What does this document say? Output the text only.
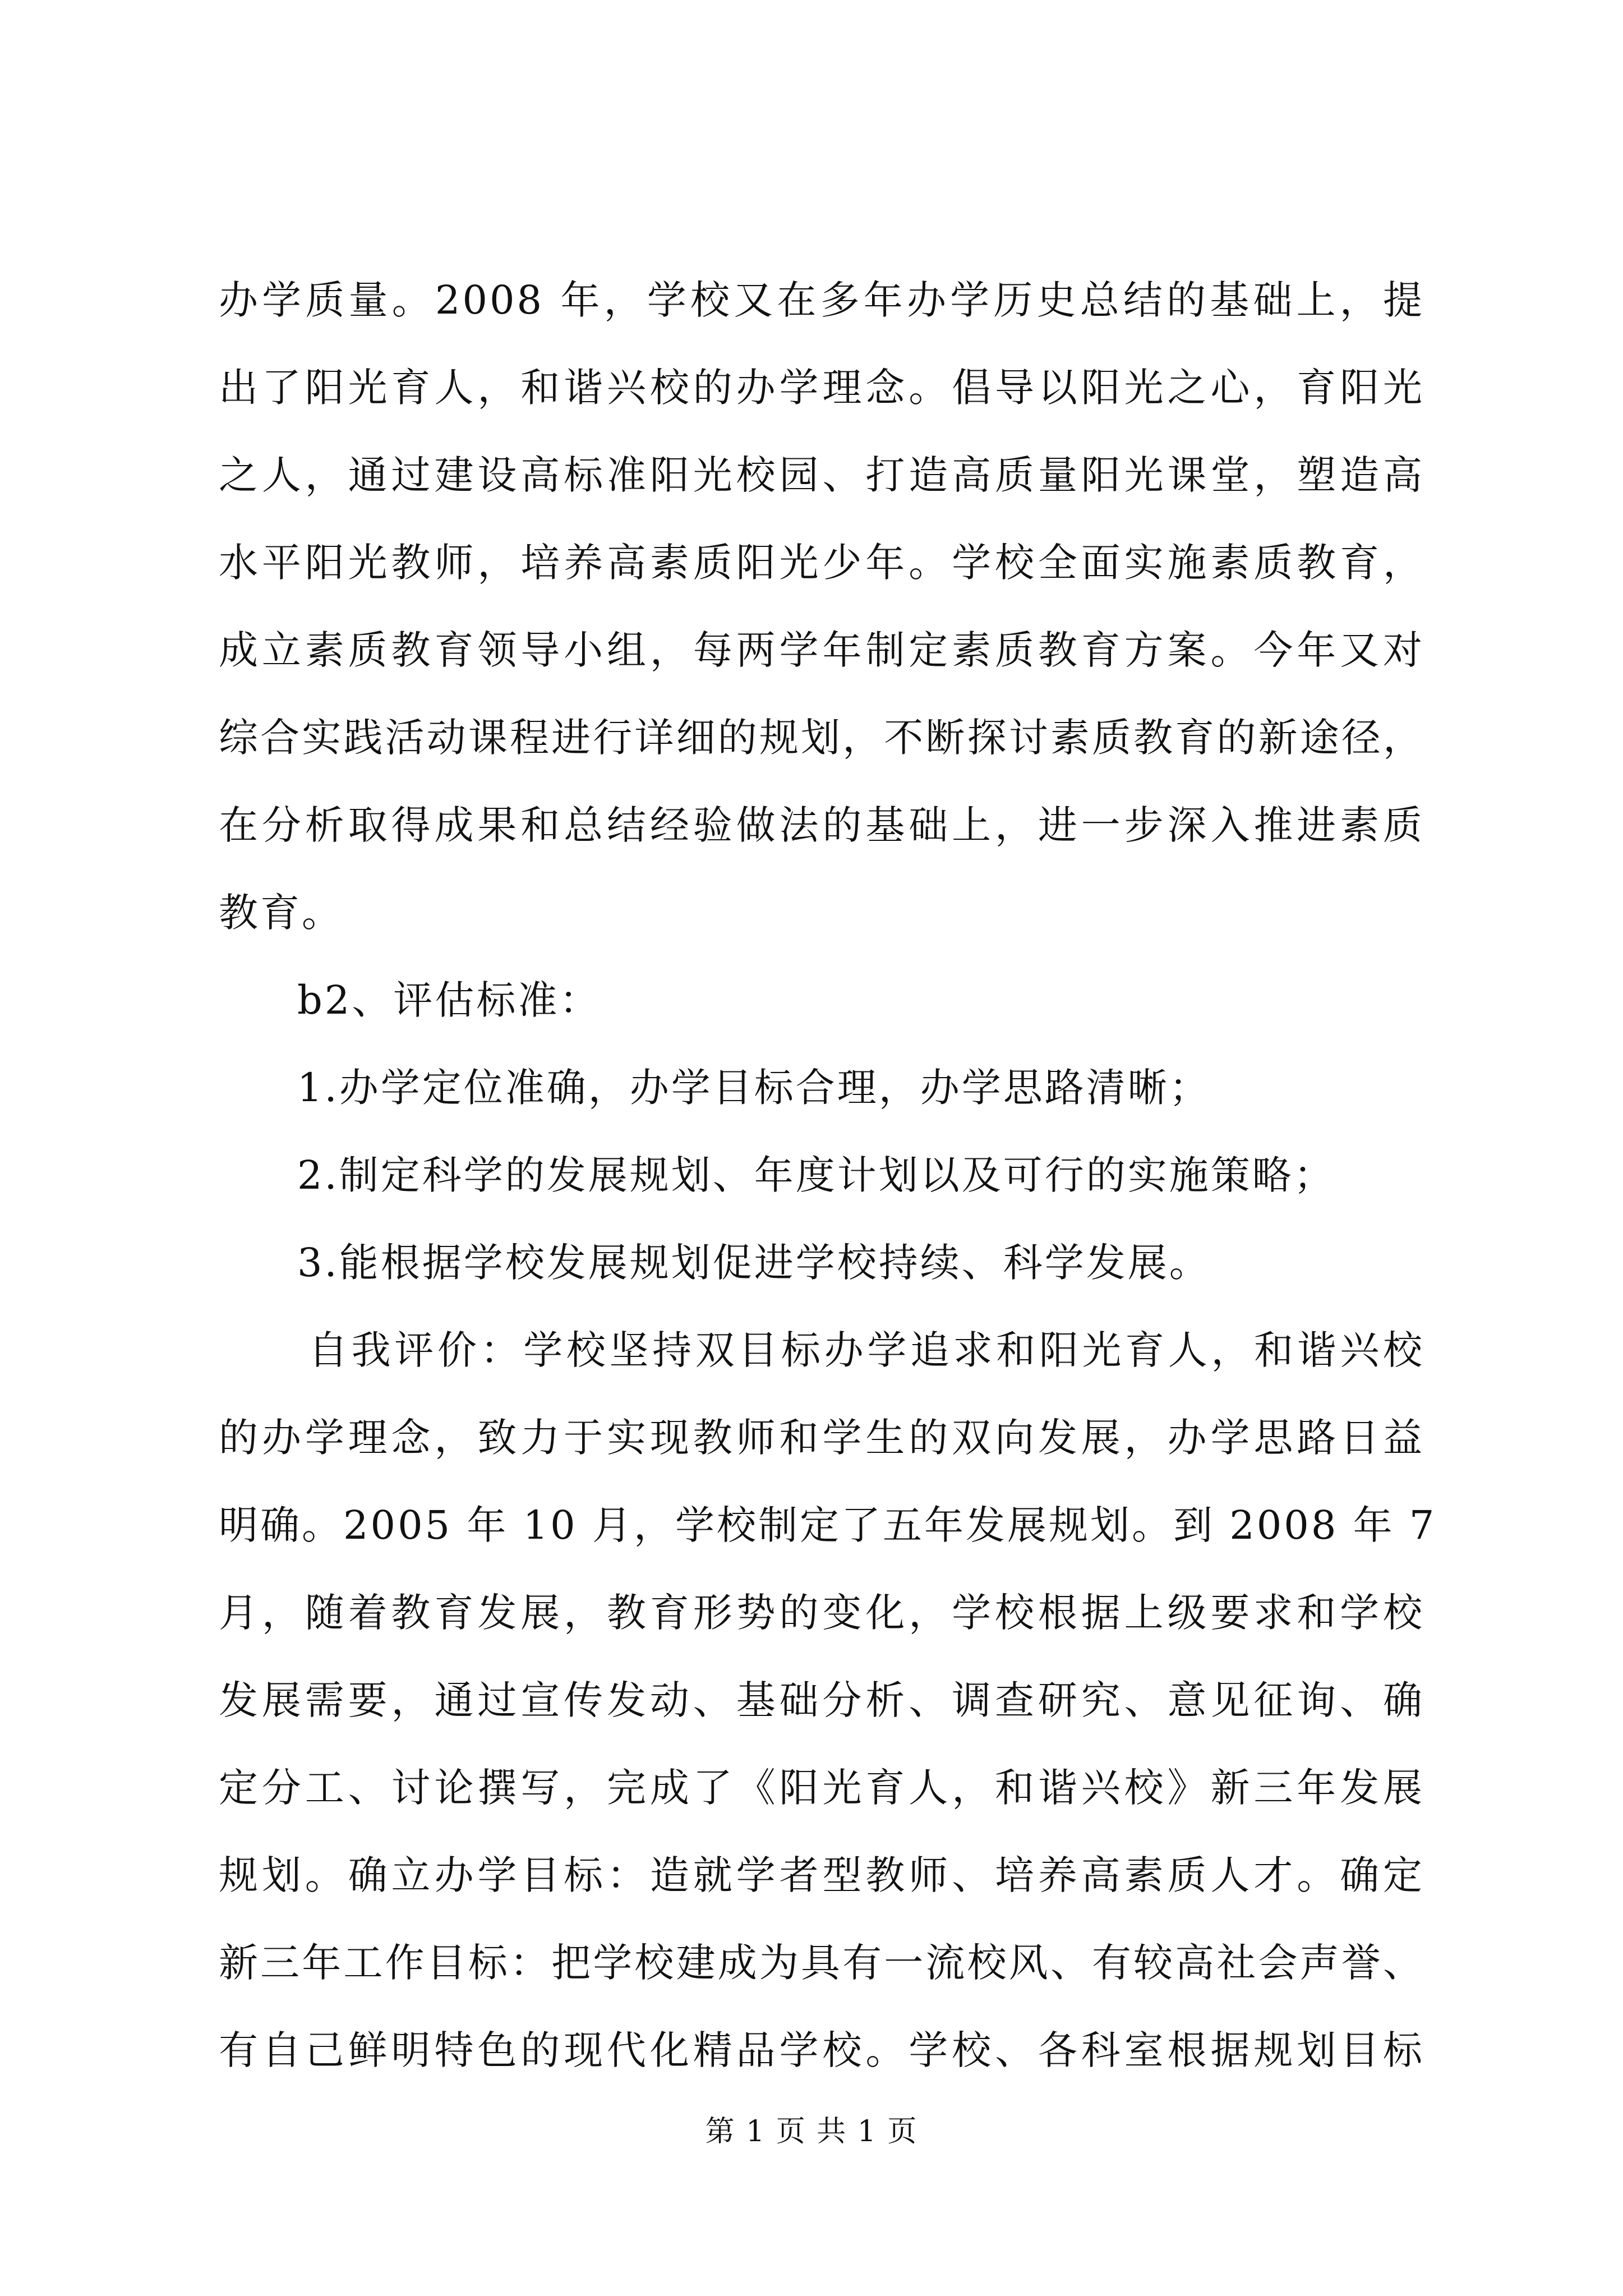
办学质量。2008 年，学校又在多年办学历史总结的基础上，提
出了阳光育人，和谐兴校的办学理念。倡导以阳光之心，育阳光
之人，通过建设高标准阳光校园、打造高质量阳光课堂，塑造高
水平阳光教师，培养高素质阳光少年。学校全面实施素质教育，
成立素质教育领导小组，每两学年制定素质教育方案。今年又对
综合实践活动课程进行详细的规划，不断探讨素质教育的新途径，
在分析取得成果和总结经验做法的基础上，进一步深入推进素质
教育。
b2、评估标准：
1.办学定位准确，办学目标合理，办学思路清晰；
2.制定科学的发展规划、年度计划以及可行的实施策略；
3.能根据学校发展规划促进学校持续、科学发展。
自我评价：学校坚持双目标办学追求和阳光育人，和谐兴校
的办学理念，致力于实现教师和学生的双向发展，办学思路日益
明确。2005 年 10 月，学校制定了五年发展规划。到 2008 年 7
月，随着教育发展，教育形势的变化，学校根据上级要求和学校
发展需要，通过宣传发动、基础分析、调查研究、意见征询、确
定分工、讨论撰写，完成了《阳光育人，和谐兴校》新三年发展
规划。确立办学目标：造就学者型教师、培养高素质人才。确定
新三年工作目标：把学校建成为具有一流校风、有较高社会声誉、
第 1 页 共 1 页
有自己鲜明特色的现代化精品学校。学校、各科室根据规划目标
